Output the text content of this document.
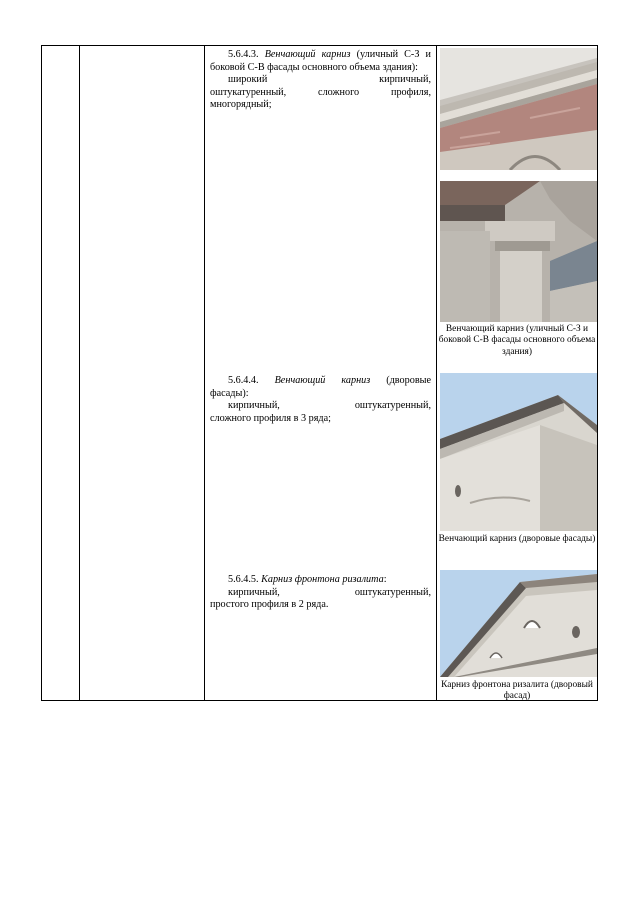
5.6.4.3. Венчающий карниз (уличный С-З и боковой С-В фасады основного объема здания):

широкий кирпичный,

оштукатуренный, сложного профиля, многорядный;

5.6.4.4. Венчающий карниз (дворовые фасады):

кирпичный, оштукатуренный,

сложного профиля в 3 ряда;

5.6.4.5. Карниз фронтона ризалита:

кирпичный, оштукатуренный,

простого профиля в 2 ряда.

Венчающий карниз (уличный С-З и боковой С-В фасады основного объема здания)
Венчающий карниз (дворовые фасады)
Карниз фронтона ризалита (дворовый фасад)
